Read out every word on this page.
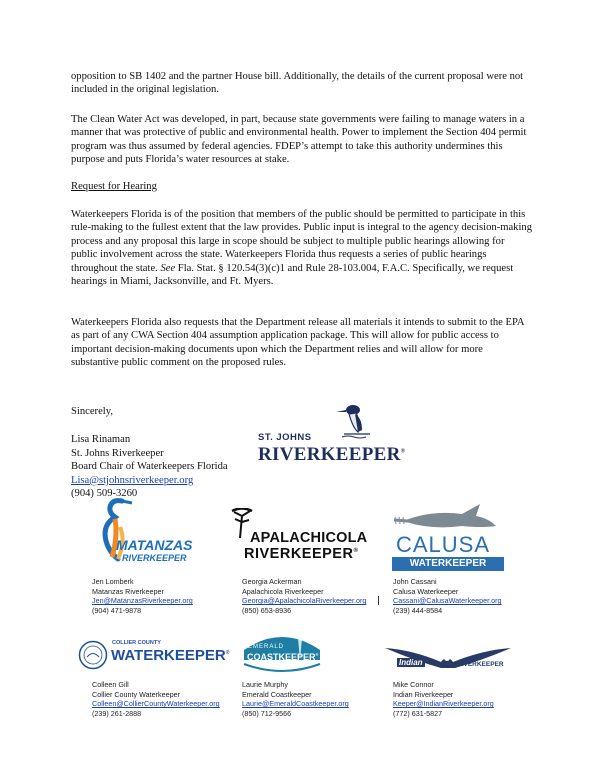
opposition to SB 1402 and the partner House bill. Additionally, the details of the current proposal were not included in the original legislation.

The Clean Water Act was developed, in part, because state governments were failing to manage waters in a manner that was protective of public and environmental health. Power to implement the Section 404 permit program was thus assumed by federal agencies. FDEP’s attempt to take this authority undermines this purpose and puts Florida’s water resources at stake.

Request for Hearing

Waterkeepers Florida is of the position that members of the public should be permitted to participate in this rule-making to the fullest extent that the law provides. Public input is integral to the agency decision-making process and any proposal this large in scope should be subject to multiple public hearings allowing for public involvement across the state. Waterkeepers Florida thus requests a series of public hearings throughout the state. See Fla. Stat. § 120.54(3)(c)1 and Rule 28-103.004, F.A.C. Specifically, we request hearings in Miami, Jacksonville, and Ft. Myers.

Waterkeepers Florida also requests that the Department release all materials it intends to submit to the EPA as part of any CWA Section 404 assumption application package. This will allow for public access to important decision-making documents upon which the Department relies and will allow for more substantive public comment on the proposed rules.

Sincerely,
Lisa Rinaman
St. Johns Riverkeeper
Board Chair of Waterkeepers Florida
Lisa@stjohnsriverkeeper.org
(904) 509-3260
ST. JOHNS
RIVERKEEPER®
MATANZAS
RIVERKEEPER
APALACHICOLA
RIVERKEEPER® CALUSA
WATERKEEPER
Jen Lomberk
Matanzas Riverkeeper
Jen@MatanzasRiverkeeper.org
(904) 471-9878
Georgia Ackerman
Apalachicola Riverkeeper
Georgia@ApalachicolaRiverkeeper.org
(850) 653-8936
John Cassani
Calusa Waterkeeper
Cassani@CalusaWaterkeeper.org
(239) 444-8584
COLLIER COUNTY
WATERKEEPER®
EMERALD
COASTKEEPER®
Indian	RIVERKEEPER
Colleen Gill
Collier County Waterkeeper
Colleen@CollierCountyWaterkeeper.org
(239) 261-2888
Laurie Murphy
Emerald Coastkeeper
Laurie@EmeraldCoastkeeper.org
(850) 712-9566
Mike Connor
Indian Riverkeeper
Keeper@IndianRiverkeeper.org
(772) 631-5827
